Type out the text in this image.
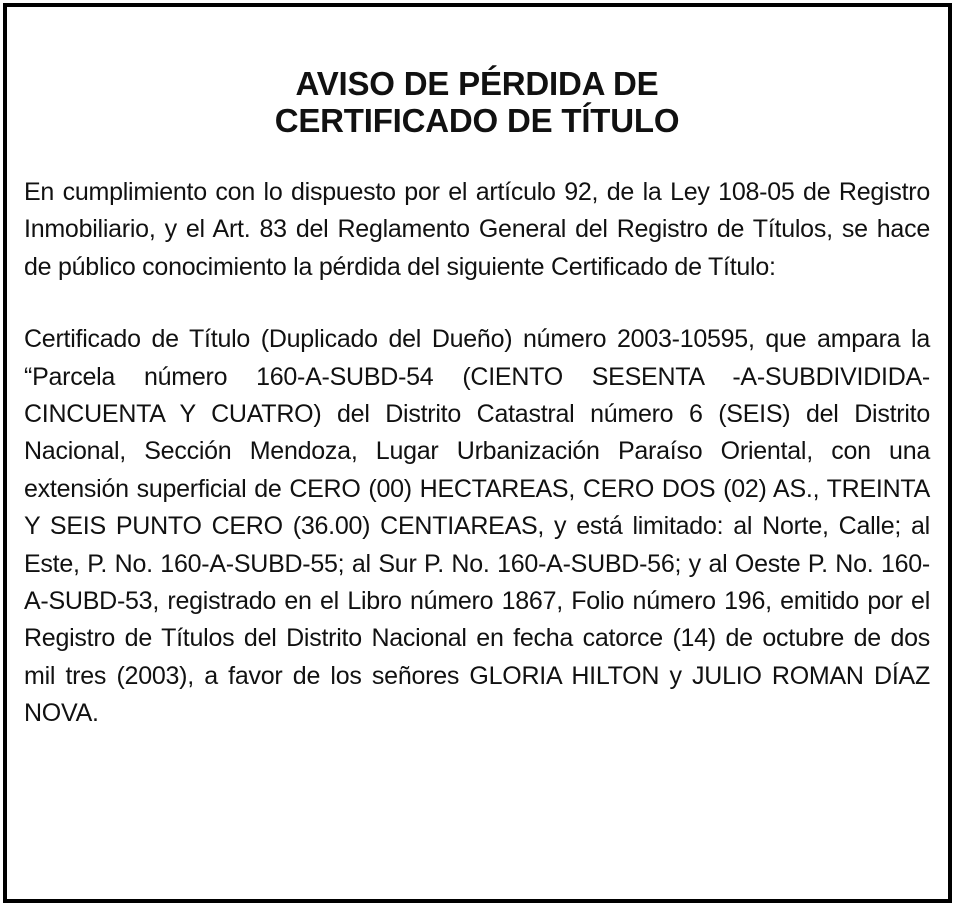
AVISO DE PÉRDIDA DE
CERTIFICADO DE TÍTULO

En cumplimiento con lo dispuesto por el artículo 92, de la Ley 108-05 de Registro Inmobiliario, y el Art. 83 del Reglamento General del Registro de Títulos, se hace de público conocimiento la pérdida del siguiente Certificado de Título:

Certificado de Título (Duplicado del Dueño) número 2003-10595, que ampara la “Parcela número 160-A-SUBD-54 (CIENTO SESENTA -A-SUBDIVIDIDA-CINCUENTA Y CUATRO) del Distrito Catastral número 6 (SEIS) del Distrito Nacional, Sección Mendoza, Lugar Urbanización Paraíso Oriental, con una extensión superficial de CERO (00) HECTAREAS, CERO DOS (02) AS., TREINTA Y SEIS PUNTO CERO (36.00) CENTIAREAS, y está limitado: al Norte, Calle; al Este, P. No. 160-A-SUBD-55; al Sur P. No. 160-A-SUBD-56; y al Oeste P. No. 160-A-SUBD-53, registrado en el Libro número 1867, Folio número 196, emitido por el Registro de Títulos del Distrito Nacional en fecha catorce (14) de octubre de dos mil tres (2003), a favor de los señores GLORIA HILTON y JULIO ROMAN DÍAZ NOVA.
